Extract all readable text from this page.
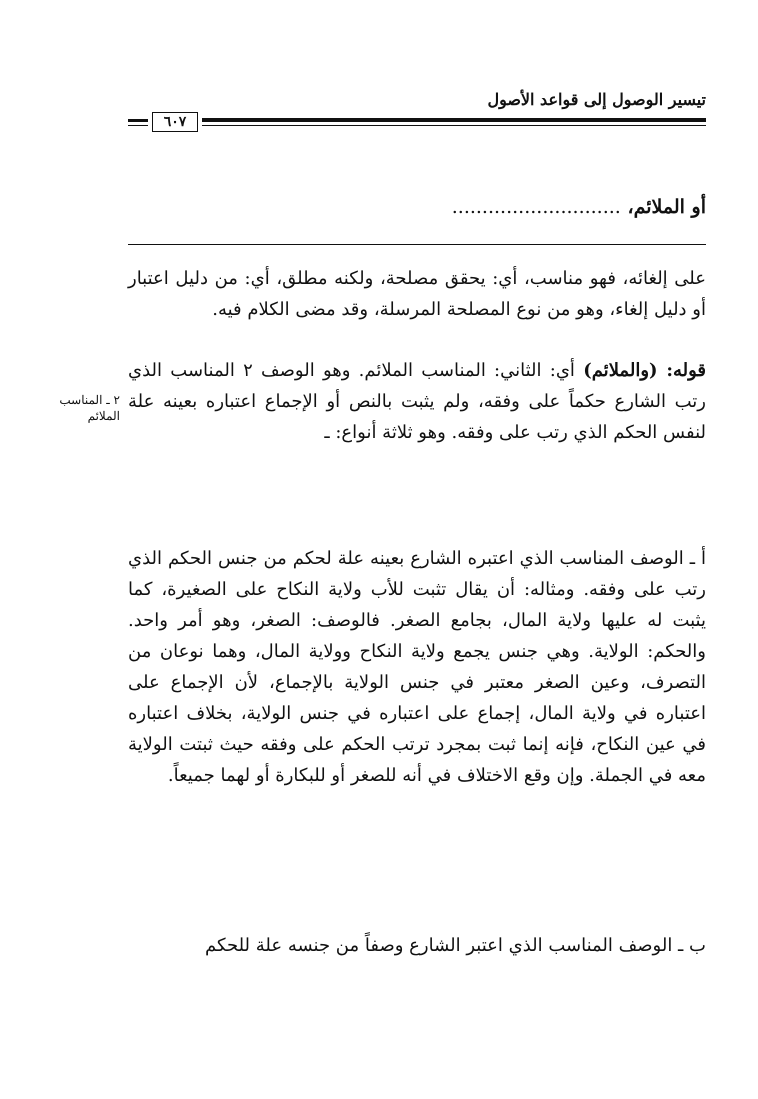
تيسير الوصول إلى قواعد الأصول
٦٠٧
أو الملائم، ............................
على إلغائه، فهو مناسب، أي: يحقق مصلحة، ولكنه مطلق، أي: من دليل اعتبار أو دليل إلغاء، وهو من نوع المصلحة المرسلة، وقد مضى الكلام فيه.
قوله: (والملائم) أي: الثاني: المناسب الملائم. وهو الوصف ٢ المناسب الذي رتب الشارع حكماً على وفقه، ولم يثبت بالنص أو الإجماع اعتباره بعينه علة لنفس الحكم الذي رتب على وفقه. وهو ثلاثة أنواع: ـ
٢ ـ المناسب الملائم
أ ـ الوصف المناسب الذي اعتبره الشارع بعينه علة لحكم من جنس الحكم الذي رتب على وفقه. ومثاله: أن يقال تثبت للأب ولاية النكاح على الصغيرة، كما يثبت له عليها ولاية المال، بجامع الصغر. فالوصف: الصغر، وهو أمر واحد. والحكم: الولاية. وهي جنس يجمع ولاية النكاح وولاية المال، وهما نوعان من التصرف، وعين الصغر معتبر في جنس الولاية بالإجماع، لأن الإجماع على اعتباره في ولاية المال، إجماع على اعتباره في جنس الولاية، بخلاف اعتباره في عين النكاح، فإنه إنما ثبت بمجرد ترتب الحكم على وفقه حيث ثبتت الولاية معه في الجملة. وإن وقع الاختلاف في أنه للصغر أو للبكارة أو لهما جميعاً.
ب ـ الوصف المناسب الذي اعتبر الشارع وصفاً من جنسه علة للحكم
